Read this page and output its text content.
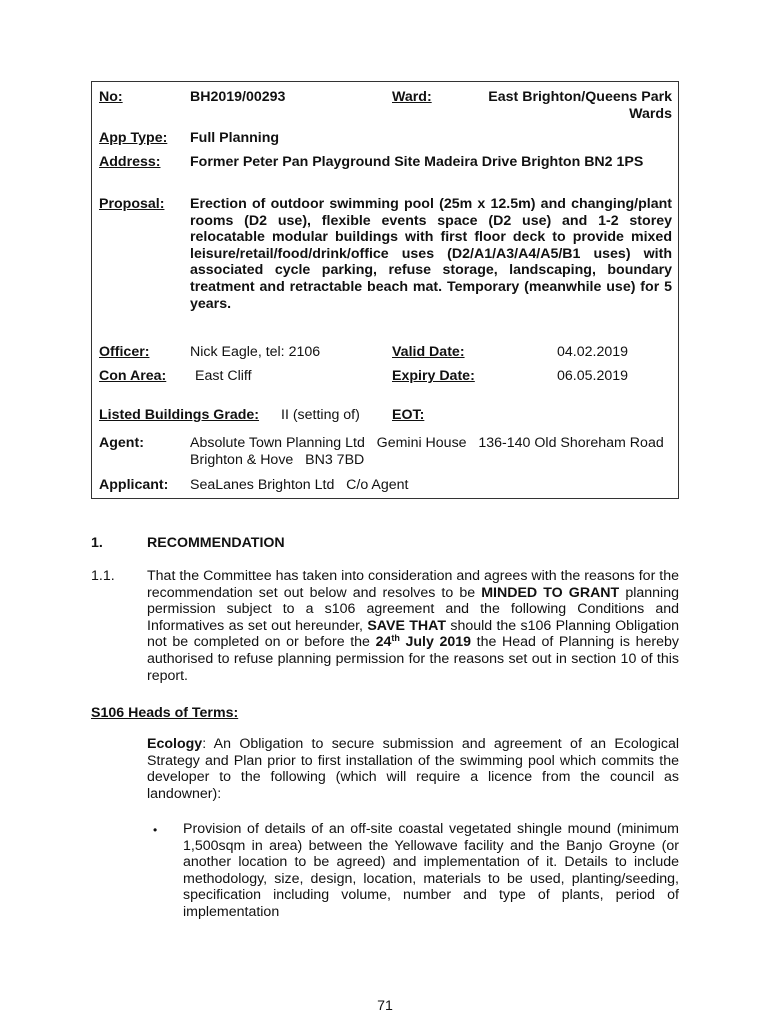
No:	BH2019/00293	Ward:	East Brighton/Queens Park Wards
App Type: Full Planning
Address: Former Peter Pan Playground Site Madeira Drive Brighton BN2 1PS
Proposal: Erection of outdoor swimming pool (25m x 12.5m) and changing/plant rooms (D2 use), flexible events space (D2 use) and 1-2 storey relocatable modular buildings with first floor deck to provide mixed leisure/retail/food/drink/office uses (D2/A1/A3/A4/A5/B1 uses) with associated cycle parking, refuse storage, landscaping, boundary treatment and retractable beach mat. Temporary (meanwhile use) for 5 years.
Officer:	Nick Eagle, tel: 2106	Valid Date:	04.02.2019
Con Area: East Cliff	Expiry Date:	06.05.2019
Listed Buildings Grade: II (setting of) EOT:
Agent:	Absolute Town Planning Ltd   Gemini House   136-140 Old Shoreham Road   Brighton & Hove   BN3 7BD
Applicant: SeaLanes Brighton Ltd   C/o Agent
1.	RECOMMENDATION
1.1. That the Committee has taken into consideration and agrees with the reasons for the recommendation set out below and resolves to be MINDED TO GRANT planning permission subject to a s106 agreement and the following Conditions and Informatives as set out hereunder, SAVE THAT should the s106 Planning Obligation not be completed on or before the 24th July 2019 the Head of Planning is hereby authorised to refuse planning permission for the reasons set out in section 10 of this report.
S106 Heads of Terms:
Ecology: An Obligation to secure submission and agreement of an Ecological Strategy and Plan prior to first installation of the swimming pool which commits the developer to the following (which will require a licence from the council as landowner):
• Provision of details of an off-site coastal vegetated shingle mound (minimum 1,500sqm in area) between the Yellowave facility and the Banjo Groyne (or another location to be agreed) and implementation of it. Details to include methodology, size, design, location, materials to be used, planting/seeding, specification including volume, number and type of plants, period of implementation
71
